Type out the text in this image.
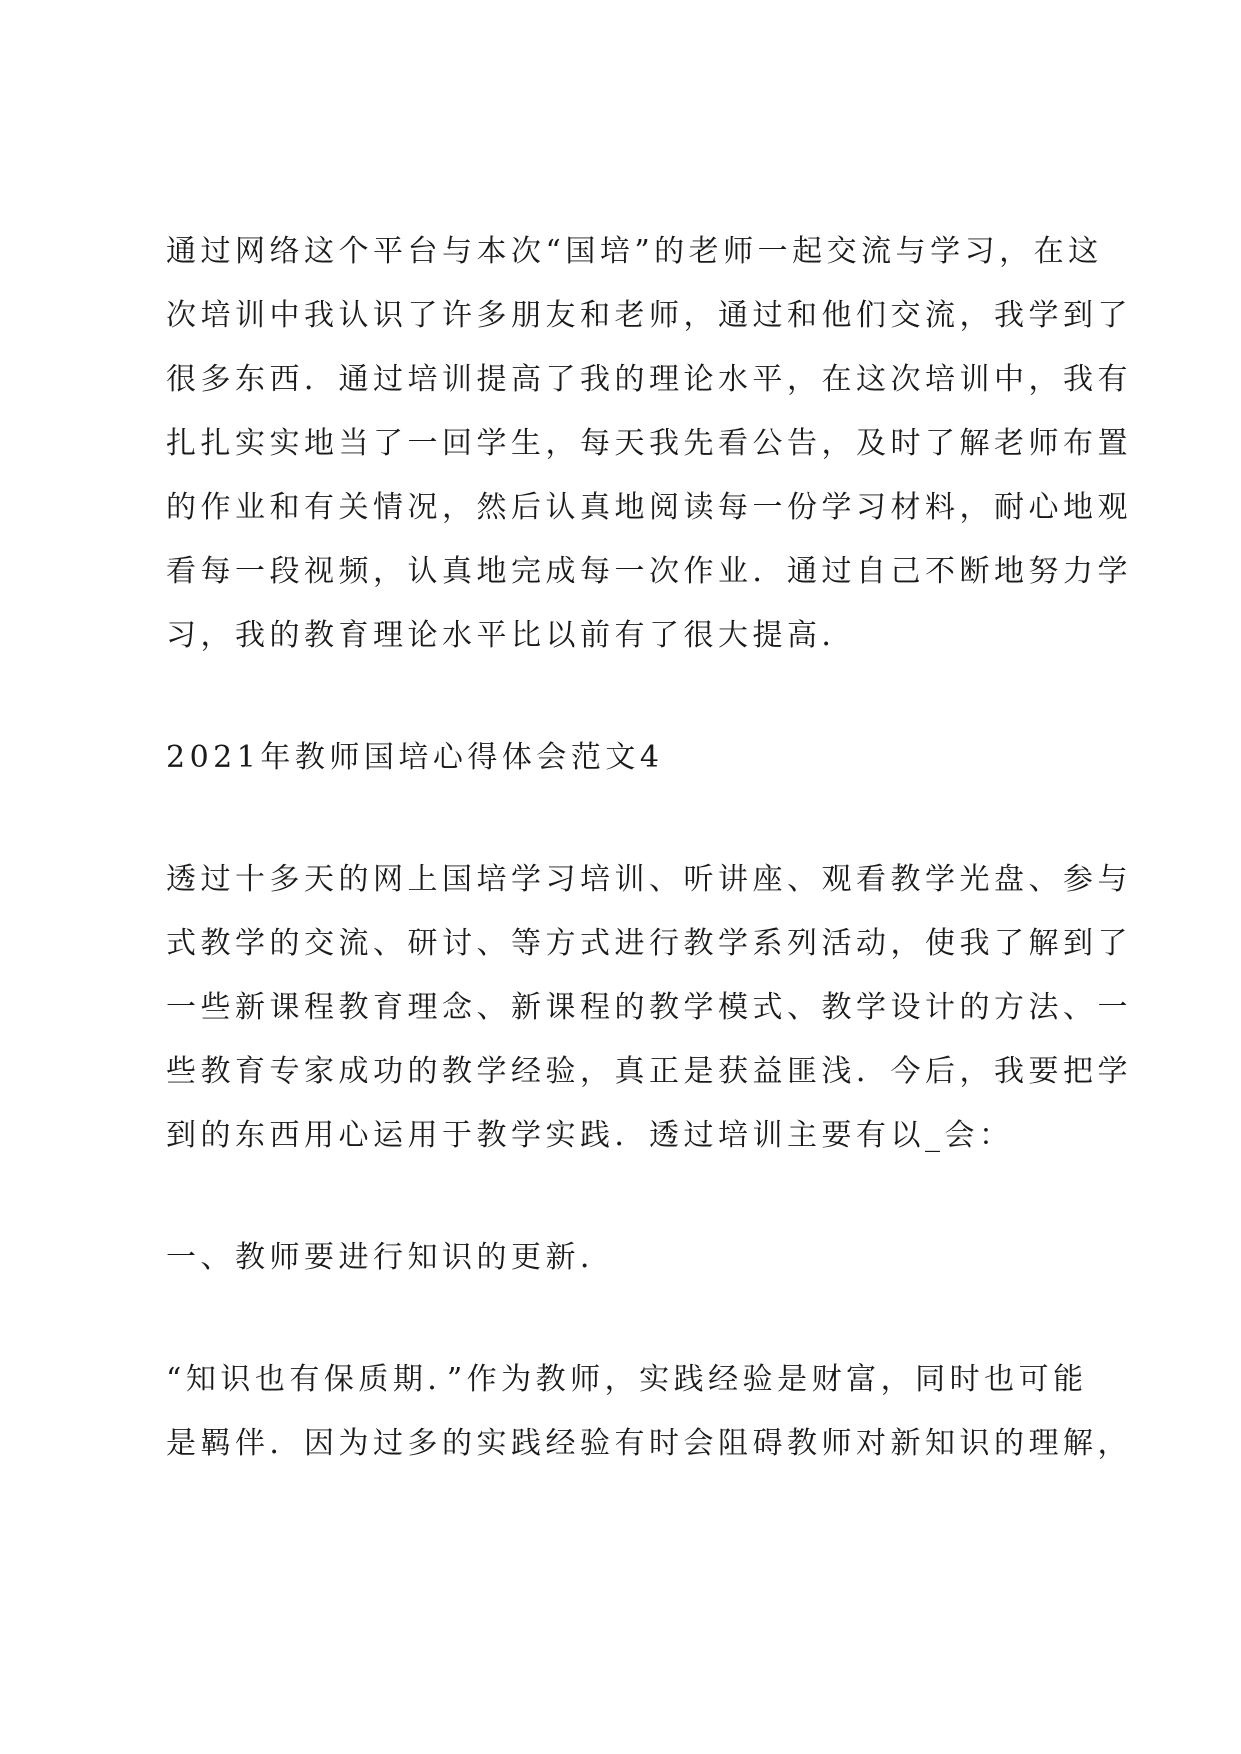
通过网络这个平台与本次“国培”的老师一起交流与学习，在这
次培训中我认识了许多朋友和老师，通过和他们交流，我学到了
很多东西．通过培训提高了我的理论水平，在这次培训中，我有
扎扎实实地当了一回学生，每天我先看公告，及时了解老师布置
的作业和有关情况，然后认真地阅读每一份学习材料，耐心地观
看每一段视频，认真地完成每一次作业．通过自己不断地努力学
习，我的教育理论水平比以前有了很大提高．
2021年教师国培心得体会范文4
透过十多天的网上国培学习培训、听讲座、观看教学光盘、参与
式教学的交流、研讨、等方式进行教学系列活动，使我了解到了
一些新课程教育理念、新课程的教学模式、教学设计的方法、一
些教育专家成功的教学经验，真正是获益匪浅．今后，我要把学
到的东西用心运用于教学实践．透过培训主要有以_会：
一、教师要进行知识的更新．
“知识也有保质期．”作为教师，实践经验是财富，同时也可能
是羁伴．因为过多的实践经验有时会阻碍教师对新知识的理解，
